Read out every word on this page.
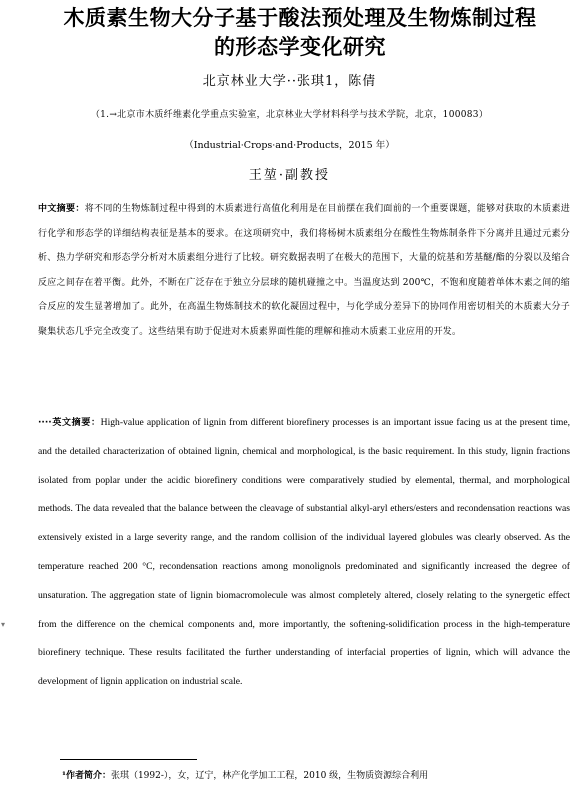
木质素生物大分子基于酸法预处理及生物炼制过程的形态学变化研究
北京林业大学··张琪1，陈倩
（1.→北京市木质纤维素化学重点实验室，北京林业大学材料科学与技术学院，北京，100083）
（Industrial·Crops·and·Products，2015 年）
王堃·副教授
中文摘要：将不同的生物炼制过程中得到的木质素进行高值化利用是在目前摆在我们面前的一个重要课题，能够对获取的木质素进行化学和形态学的详细结构表征是基本的要求。在这项研究中，我们将杨树木质素组分在酸性生物炼制条件下分离并且通过元素分析、热力学研究和形态学分析对木质素组分进行了比较。研究数据表明了在极大的范围下，大量的烷基和芳基醚/酯的分裂以及缩合反应之间存在着平衡。此外，不断在广泛存在于独立分层球的随机碰撞之中。当温度达到 200℃，不饱和度随着单体木素之间的缩合反应的发生显著增加了。此外，在高温生物炼制技术的软化凝固过程中，与化学成分差异下的协同作用密切相关的木质素大分子聚集状态几乎完全改变了。这些结果有助于促进对木质素界面性能的理解和推动木质素工业应用的开发。
····英文摘要：High-value application of lignin from different biorefinery processes is an important issue facing us at the present time, and the detailed characterization of obtained lignin, chemical and morphological, is the basic requirement. In this study, lignin fractions isolated from poplar under the acidic biorefinery conditions were comparatively studied by elemental, thermal, and morphological methods. The data revealed that the balance between the cleavage of substantial alkyl-aryl ethers/esters and recondensation reactions was extensively existed in a large severity range, and the random collision of the individual layered globules was clearly observed. As the temperature reached 200 °C, recondensation reactions among monolignols predominated and significantly increased the degree of unsaturation. The aggregation state of lignin biomacromolecule was almost completely altered, closely relating to the synergetic effect from the difference on the chemical components and, more importantly, the softening-solidification process in the high-temperature biorefinery technique. These results facilitated the further understanding of interfacial properties of lignin, which will advance the development of lignin application on industrial scale.
▾
¹作者简介：张琪（1992-），女，辽宁，林产化学加工工程，2010 级，生物质资源综合利用
